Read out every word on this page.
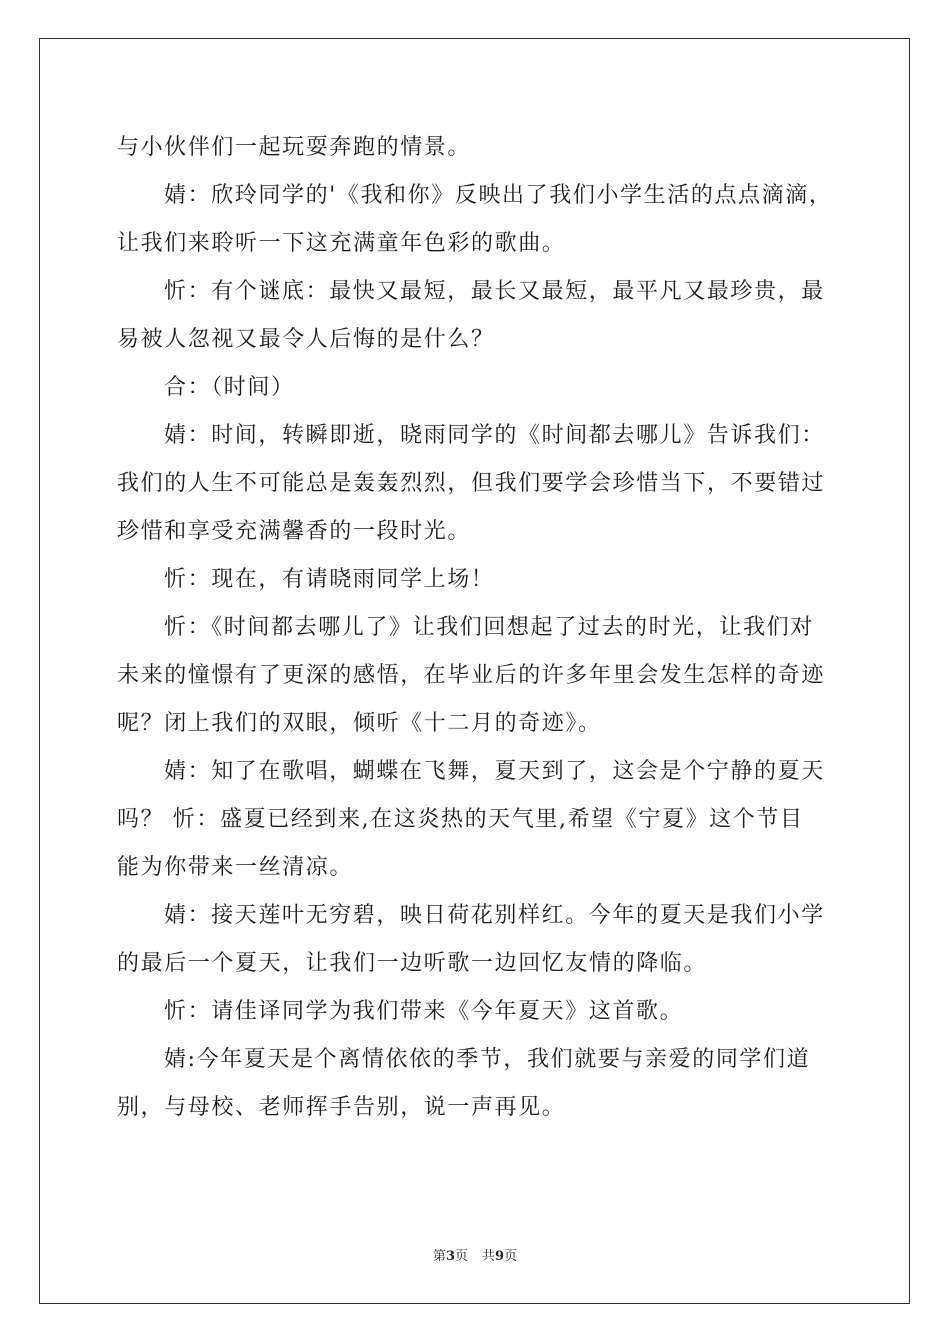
与小伙伴们一起玩耍奔跑的情景。
婧：欣玲同学的'《我和你》反映出了我们小学生活的点点滴滴，
让我们来聆听一下这充满童年色彩的歌曲。
忻：有个谜底：最快又最短，最长又最短，最平凡又最珍贵，最
易被人忽视又最令人后悔的是什么？
合：（时间）
婧：时间，转瞬即逝，晓雨同学的《时间都去哪儿》告诉我们：
我们的人生不可能总是轰轰烈烈，但我们要学会珍惜当下，不要错过
珍惜和享受充满馨香的一段时光。
忻：现在，有请晓雨同学上场！
忻：《时间都去哪儿了》让我们回想起了过去的时光，让我们对
未来的憧憬有了更深的感悟，在毕业后的许多年里会发生怎样的奇迹
呢？闭上我们的双眼，倾听《十二月的奇迹》。
婧：知了在歌唱，蝴蝶在飞舞，夏天到了，这会是个宁静的夏天
吗？ 忻：盛夏已经到来,在这炎热的天气里,希望《宁夏》这个节目
能为你带来一丝清凉。
婧：接天莲叶无穷碧，映日荷花别样红。今年的夏天是我们小学
的最后一个夏天，让我们一边听歌一边回忆友情的降临。
忻：请佳译同学为我们带来《今年夏天》这首歌。
婧:今年夏天是个离情依依的季节，我们就要与亲爱的同学们道
别，与母校、老师挥手告别，说一声再见。
第3页 共9页
